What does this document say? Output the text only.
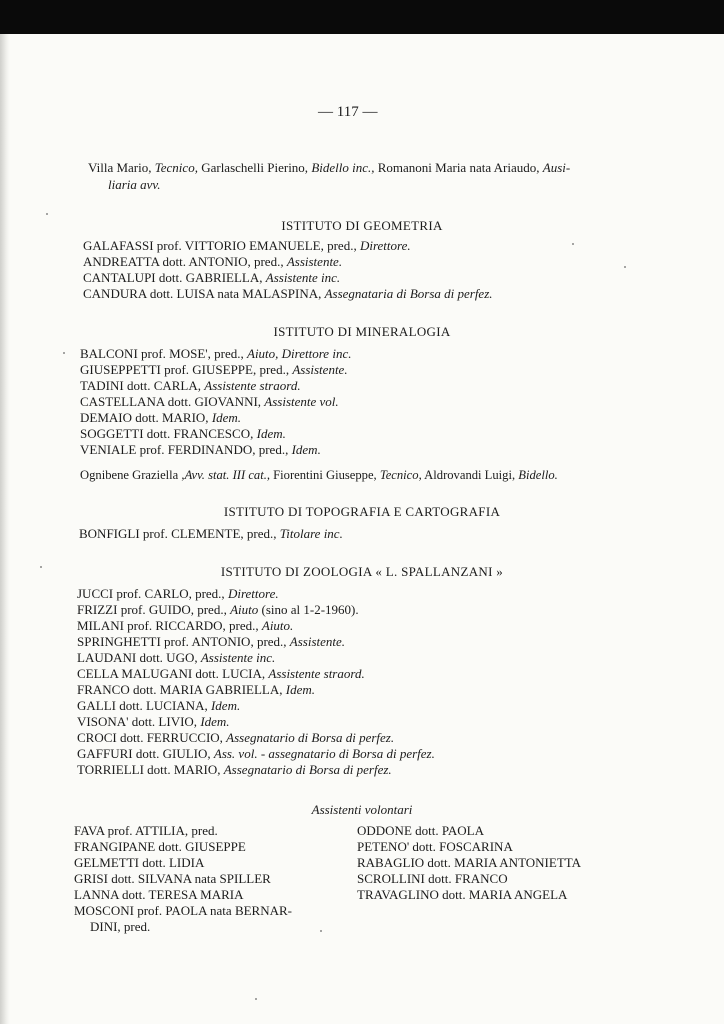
— 117 —
Villa Mario, Tecnico, Garlaschelli Pierino, Bidello inc., Romanoni Maria nata Ariaudo, Ausi-
liaria avv.
ISTITUTO DI GEOMETRIA
GALAFASSI prof. VITTORIO EMANUELE, pred., Direttore.
ANDREATTA dott. ANTONIO, pred., Assistente.
CANTALUPI dott. GABRIELLA, Assistente inc.
CANDURA dott. LUISA nata MALASPINA, Assegnataria di Borsa di perfez.
ISTITUTO DI MINERALOGIA
BALCONI prof. MOSE', pred., Aiuto, Direttore inc.
GIUSEPPETTI prof. GIUSEPPE, pred., Assistente.
TADINI dott. CARLA, Assistente straord.
CASTELLANA dott. GIOVANNI, Assistente vol.
DEMAIO dott. MARIO, Idem.
SOGGETTI dott. FRANCESCO, Idem.
VENIALE prof. FERDINANDO, pred., Idem.
Ognibene Graziella ,Avv. stat. III cat., Fiorentini Giuseppe, Tecnico, Aldrovandi Luigi, Bidello.
ISTITUTO DI TOPOGRAFIA E CARTOGRAFIA
BONFIGLI prof. CLEMENTE, pred., Titolare inc.
ISTITUTO DI ZOOLOGIA « L. SPALLANZANI »
JUCCI prof. CARLO, pred., Direttore.
FRIZZI prof. GUIDO, pred., Aiuto (sino al 1-2-1960).
MILANI prof. RICCARDO, pred., Aiuto.
SPRINGHETTI prof. ANTONIO, pred., Assistente.
LAUDANI dott. UGO, Assistente inc.
CELLA MALUGANI dott. LUCIA, Assistente straord.
FRANCO dott. MARIA GABRIELLA, Idem.
GALLI dott. LUCIANA, Idem.
VISONA' dott. LIVIO, Idem.
CROCI dott. FERRUCCIO, Assegnatario di Borsa di perfez.
GAFFURI dott. GIULIO, Ass. vol. - assegnatario di Borsa di perfez.
TORRIELLI dott. MARIO, Assegnatario di Borsa di perfez.
Assistenti volontari
FAVA prof. ATTILIA, pred.
FRANGIPANE dott. GIUSEPPE
GELMETTI dott. LIDIA
GRISI dott. SILVANA nata SPILLER
LANNA dott. TERESA MARIA
MOSCONI prof. PAOLA nata BERNAR-
DINI, pred.
ODDONE dott. PAOLA
PETENO' dott. FOSCARINA
RABAGLIO dott. MARIA ANTONIETTA
SCROLLINI dott. FRANCO
TRAVAGLINO dott. MARIA ANGELA
